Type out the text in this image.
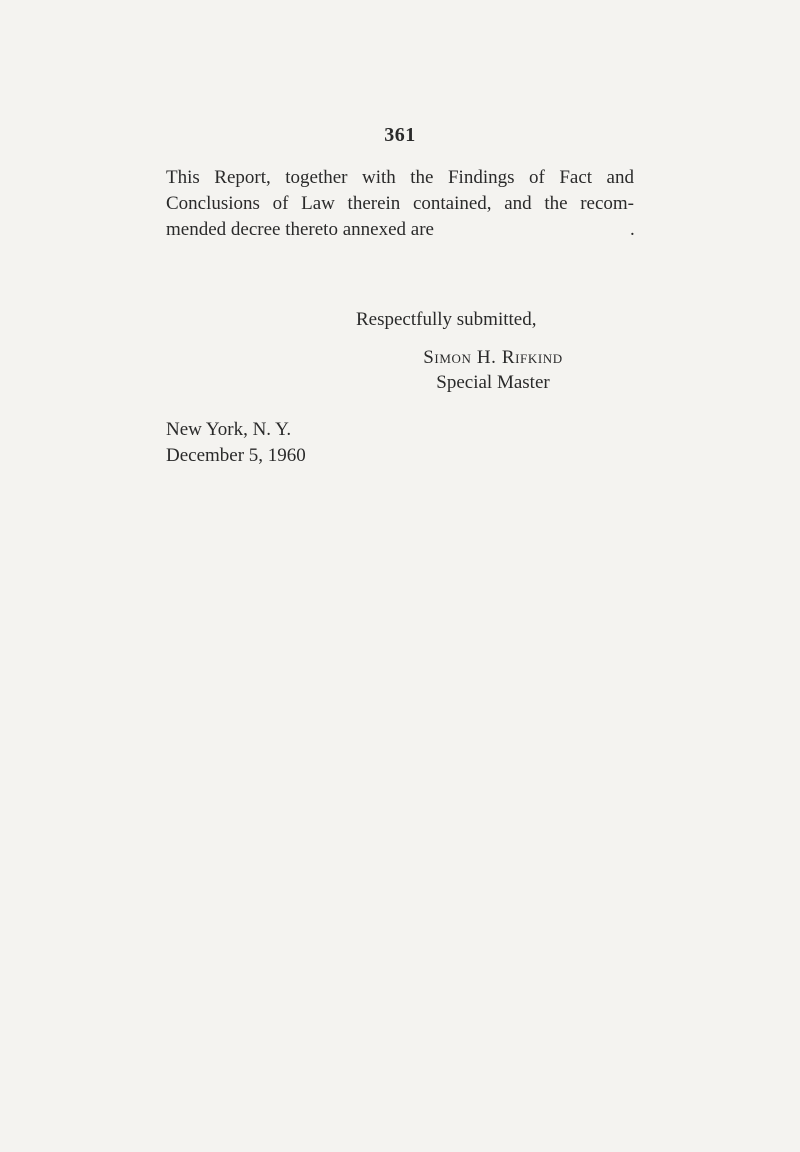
361
This Report, together with the Findings of Fact and
Conclusions of Law therein contained, and the recom-
mended decree thereto annexed are	.
Respectfully submitted,
Simon H. Rifkind
Special Master
New York, N. Y.
December 5, 1960
